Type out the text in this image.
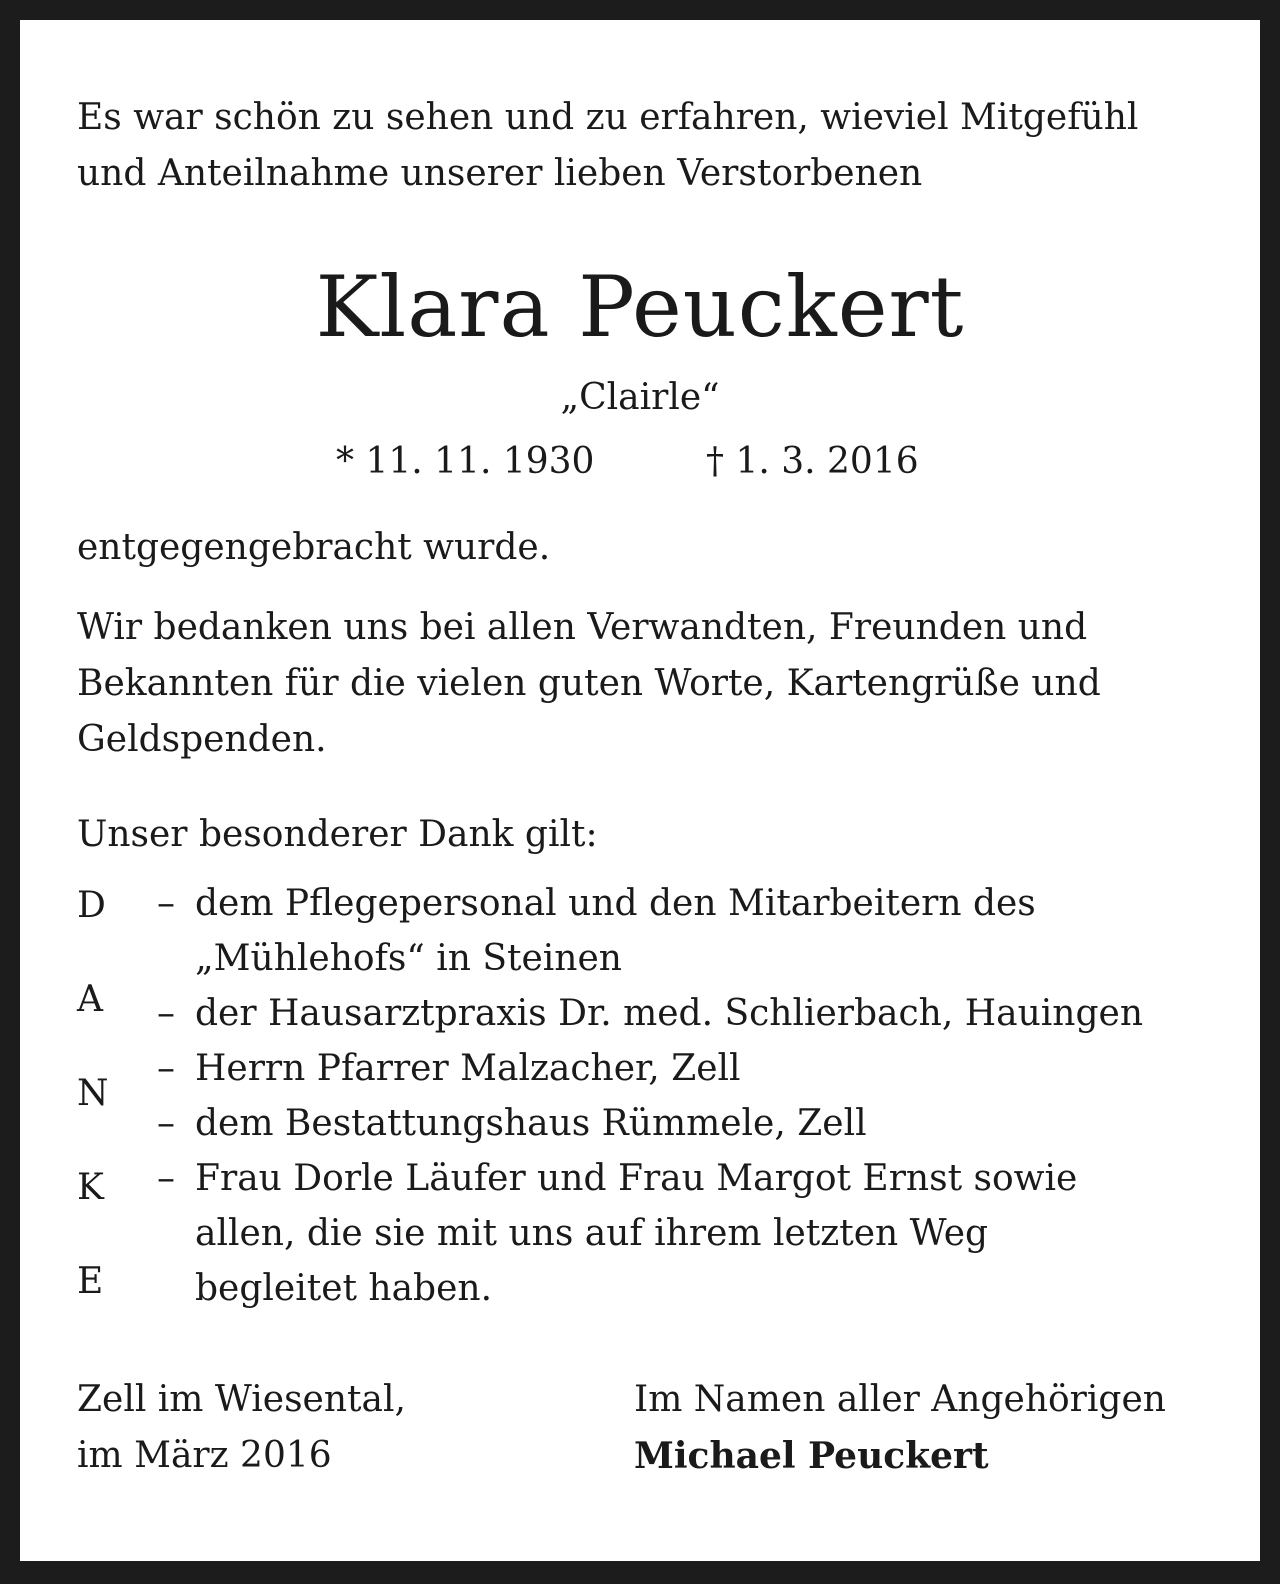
Es war schön zu sehen und zu erfahren, wieviel Mitgefühl
und Anteilnahme unserer lieben Verstorbenen

Klara Peuckert
„Clairle“
* 11. 11. 1930	† 1. 3. 2016

entgegengebracht wurde.

Wir bedanken uns bei allen Verwandten, Freunden und
Bekannten für die vielen guten Worte, Kartengrüße und
Geldspenden.

Unser besonderer Dank gilt:

D
A
N
K
E
– dem Pflegepersonal und den Mitarbeitern des
„Mühlehofs“ in Steinen
– der Hausarztpraxis Dr. med. Schlierbach, Hauingen
– Herrn Pfarrer Malzacher, Zell
– dem Bestattungshaus Rümmele, Zell
– Frau Dorle Läufer und Frau Margot Ernst sowie
allen, die sie mit uns auf ihrem letzten Weg
begleitet haben.

Zell im Wiesental,
im März 2016

Im Namen aller Angehörigen
Michael Peuckert
